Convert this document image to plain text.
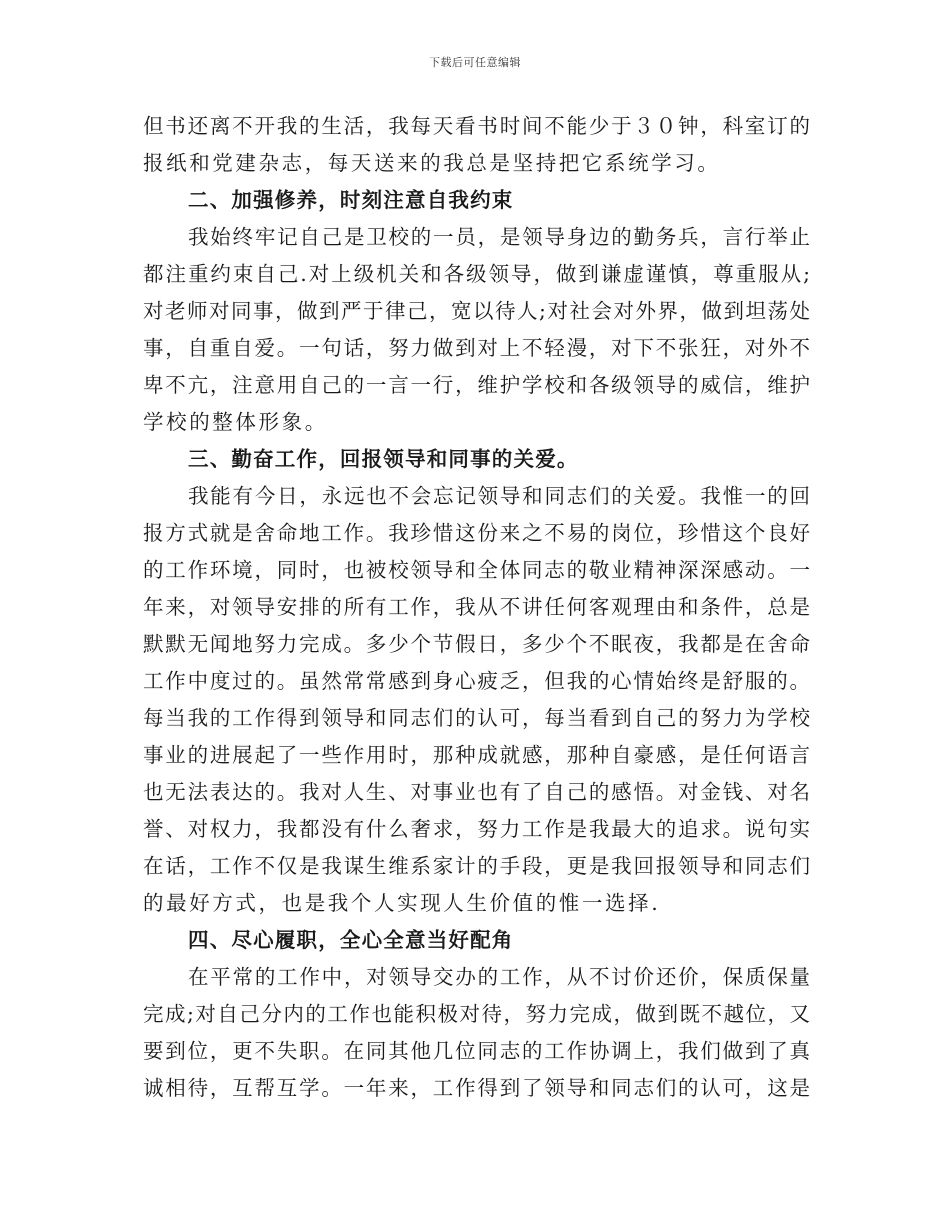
下载后可任意编辑
但书还离不开我的生活，我每天看书时间不能少于３０钟，科室订的
报纸和党建杂志，每天送来的我总是坚持把它系统学习。
二、加强修养，时刻注意自我约束
我始终牢记自己是卫校的一员，是领导身边的勤务兵，言行举止
都注重约束自己.对上级机关和各级领导，做到谦虚谨慎，尊重服从;
对老师对同事，做到严于律己，宽以待人;对社会对外界，做到坦荡处
事，自重自爱。一句话，努力做到对上不轻漫，对下不张狂，对外不
卑不亢，注意用自己的一言一行，维护学校和各级领导的威信，维护
学校的整体形象。
三、勤奋工作，回报领导和同事的关爱。
我能有今日，永远也不会忘记领导和同志们的关爱。我惟一的回
报方式就是舍命地工作。我珍惜这份来之不易的岗位，珍惜这个良好
的工作环境，同时，也被校领导和全体同志的敬业精神深深感动。一
年来，对领导安排的所有工作，我从不讲任何客观理由和条件，总是
默默无闻地努力完成。多少个节假日，多少个不眠夜，我都是在舍命
工作中度过的。虽然常常感到身心疲乏，但我的心情始终是舒服的。
每当我的工作得到领导和同志们的认可，每当看到自己的努力为学校
事业的进展起了一些作用时，那种成就感，那种自豪感，是任何语言
也无法表达的。我对人生、对事业也有了自己的感悟。对金钱、对名
誉、对权力，我都没有什么奢求，努力工作是我最大的追求。说句实
在话，工作不仅是我谋生维系家计的手段，更是我回报领导和同志们
的最好方式，也是我个人实现人生价值的惟一选择.
四、尽心履职，全心全意当好配角
在平常的工作中，对领导交办的工作，从不讨价还价，保质保量
完成;对自己分内的工作也能积极对待，努力完成，做到既不越位，又
要到位，更不失职。在同其他几位同志的工作协调上，我们做到了真
诚相待，互帮互学。一年来，工作得到了领导和同志们的认可，这是
